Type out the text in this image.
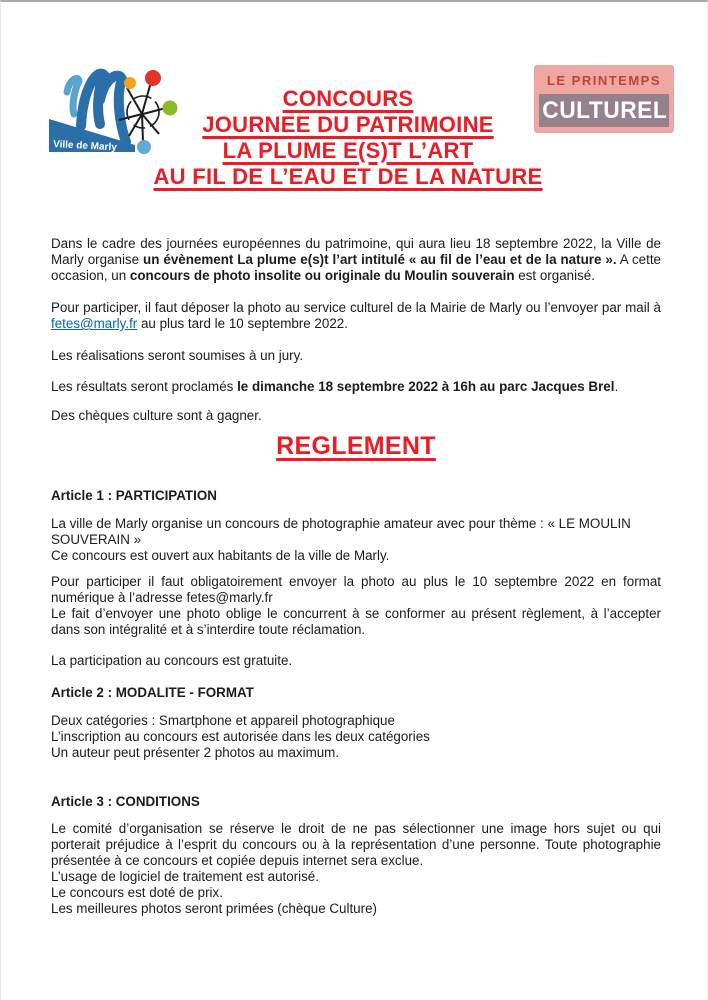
Ville de Marly
CONCOURS
JOURNEE DU PATRIMOINE
LA PLUME E(S)T L’ART
AU FIL DE L’EAU ET DE LA NATURE
LE PRINTEMPS
CULTUREL

Dans le cadre des journées européennes du patrimoine, qui aura lieu 18 septembre 2022, la Ville de Marly organise un évènement La plume e(s)t l’art intitulé « au fil de l’eau et de la nature ». A cette occasion, un concours de photo insolite ou originale du Moulin souverain est organisé.

Pour participer, il faut déposer la photo au service culturel de la Mairie de Marly ou l’envoyer par mail à fetes@marly.fr au plus tard le 10 septembre 2022.

Les réalisations seront soumises à un jury.

Les résultats seront proclamés le dimanche 18 septembre 2022 à 16h au parc Jacques Brel.

Des chèques culture sont à gagner.

REGLEMENT
Article 1 : PARTICIPATION

La ville de Marly organise un concours de photographie amateur avec pour thème : « LE MOULIN SOUVERAIN »

Ce concours est ouvert aux habitants de la ville de Marly.

Pour participer il faut obligatoirement envoyer la photo au plus le 10 septembre 2022 en format numérique à l’adresse fetes@marly.fr

Le fait d’envoyer une photo oblige le concurrent à se conformer au présent règlement, à l’accepter dans son intégralité et à s’interdire toute réclamation.

La participation au concours est gratuite.

Article 2 : MODALITE - FORMAT

Deux catégories : Smartphone et appareil photographique

L’inscription au concours est autorisée dans les deux catégories

Un auteur peut présenter 2 photos au maximum.

Article 3 : CONDITIONS

Le comité d’organisation se réserve le droit de ne pas sélectionner une image hors sujet ou qui porterait préjudice à l’esprit du concours ou à la représentation d’une personne. Toute photographie présentée à ce concours et copiée depuis internet sera exclue.

L’usage de logiciel de traitement est autorisé.

Le concours est doté de prix.

Les meilleures photos seront primées (chèque Culture)
